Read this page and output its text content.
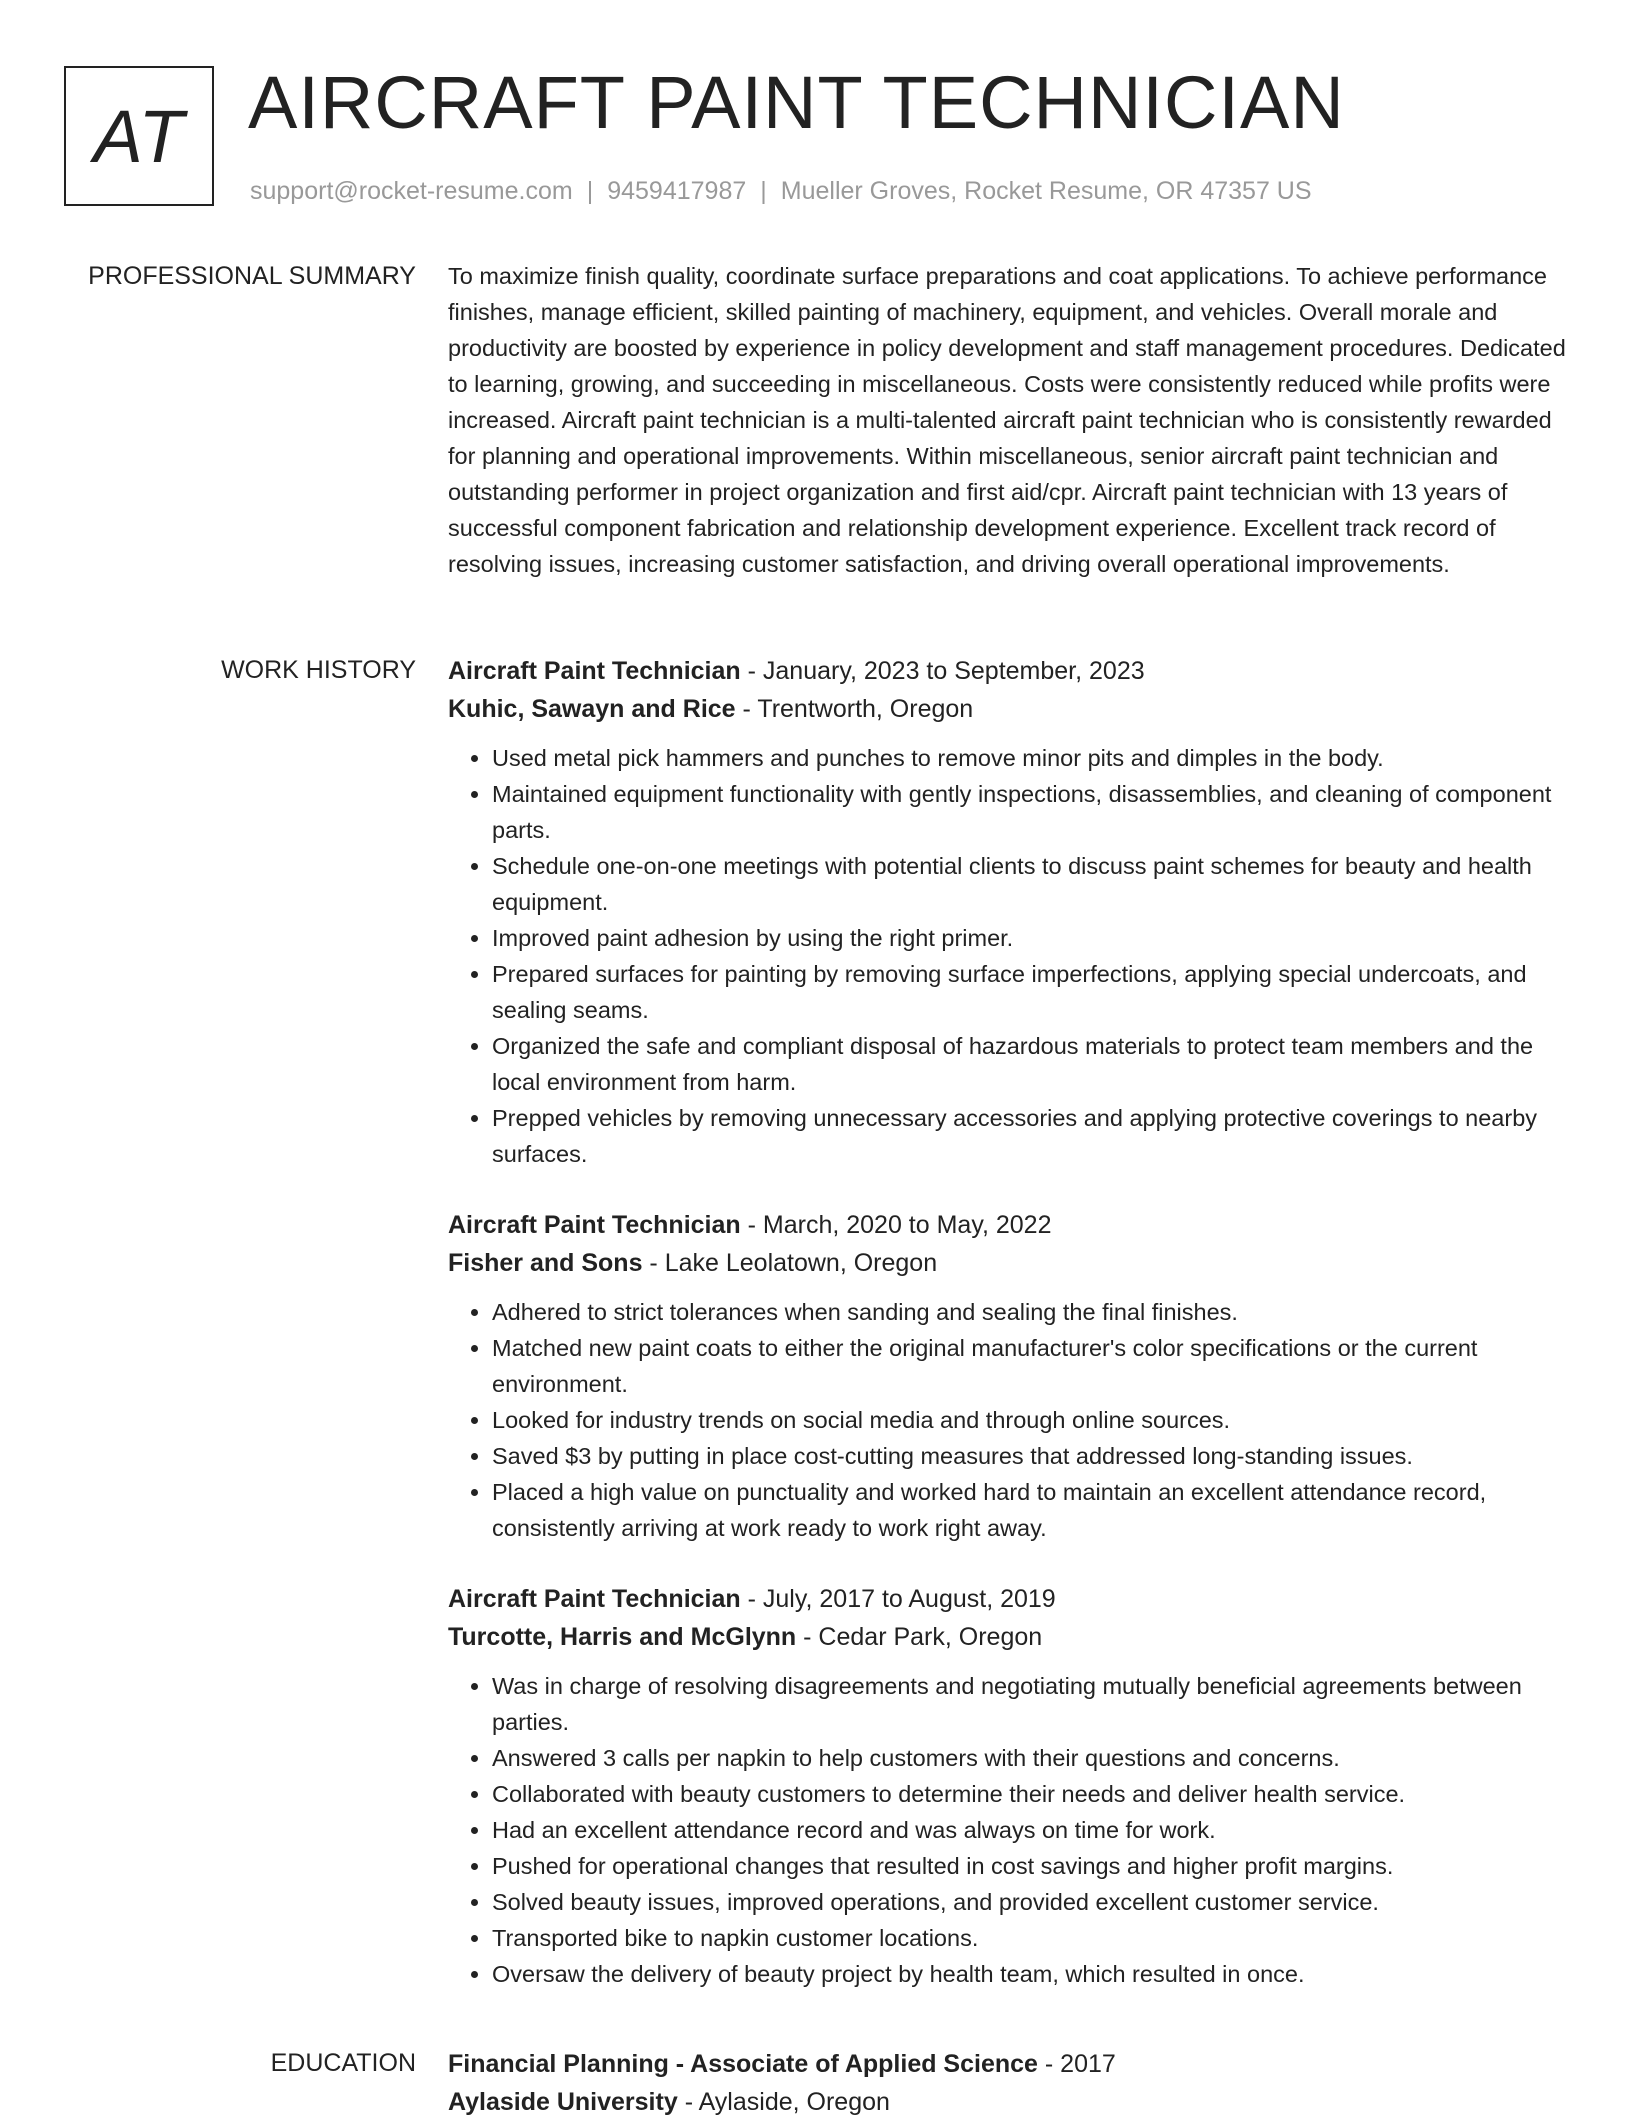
AT AIRCRAFT PAINT TECHNICIAN
support@rocket-resume.com | 9459417987 | Mueller Groves, Rocket Resume, OR 47357 US
PROFESSIONAL SUMMARY To maximize finish quality, coordinate surface preparations and coat applications. To achieve performance finishes, manage efficient, skilled painting of machinery, equipment, and vehicles. Overall morale and productivity are boosted by experience in policy development and staff management procedures. Dedicated to learning, growing, and succeeding in miscellaneous. Costs were consistently reduced while profits were increased. Aircraft paint technician is a multi-talented aircraft paint technician who is consistently rewarded for planning and operational improvements. Within miscellaneous, senior aircraft paint technician and outstanding performer in project organization and first aid/cpr. Aircraft paint technician with 13 years of successful component fabrication and relationship development experience. Excellent track record of resolving issues, increasing customer satisfaction, and driving overall operational improvements.

WORK HISTORY Aircraft Paint Technician - January, 2023 to September, 2023

Kuhic, Sawayn and Rice - Trentworth, Oregon

• Used metal pick hammers and punches to remove minor pits and dimples in the body.
• Maintained equipment functionality with gently inspections, disassemblies, and cleaning of component parts.
• Schedule one-on-one meetings with potential clients to discuss paint schemes for beauty and health equipment.
• Improved paint adhesion by using the right primer.
• Prepared surfaces for painting by removing surface imperfections, applying special undercoats, and sealing seams.
• Organized the safe and compliant disposal of hazardous materials to protect team members and the local environment from harm.
• Prepped vehicles by removing unnecessary accessories and applying protective coverings to nearby surfaces.

Aircraft Paint Technician - March, 2020 to May, 2022

Fisher and Sons - Lake Leolatown, Oregon

• Adhered to strict tolerances when sanding and sealing the final finishes.
• Matched new paint coats to either the original manufacturer's color specifications or the current environment.
• Looked for industry trends on social media and through online sources.
• Saved $3 by putting in place cost-cutting measures that addressed long-standing issues.
• Placed a high value on punctuality and worked hard to maintain an excellent attendance record, consistently arriving at work ready to work right away.

Aircraft Paint Technician - July, 2017 to August, 2019

Turcotte, Harris and McGlynn - Cedar Park, Oregon

• Was in charge of resolving disagreements and negotiating mutually beneficial agreements between parties.
• Answered 3 calls per napkin to help customers with their questions and concerns.
• Collaborated with beauty customers to determine their needs and deliver health service.
• Had an excellent attendance record and was always on time for work.
• Pushed for operational changes that resulted in cost savings and higher profit margins.
• Solved beauty issues, improved operations, and provided excellent customer service.
• Transported bike to napkin customer locations.
• Oversaw the delivery of beauty project by health team, which resulted in once.
EDUCATION Financial Planning - Associate of Applied Science - 2017

Aylaside University - Aylaside, Oregon
